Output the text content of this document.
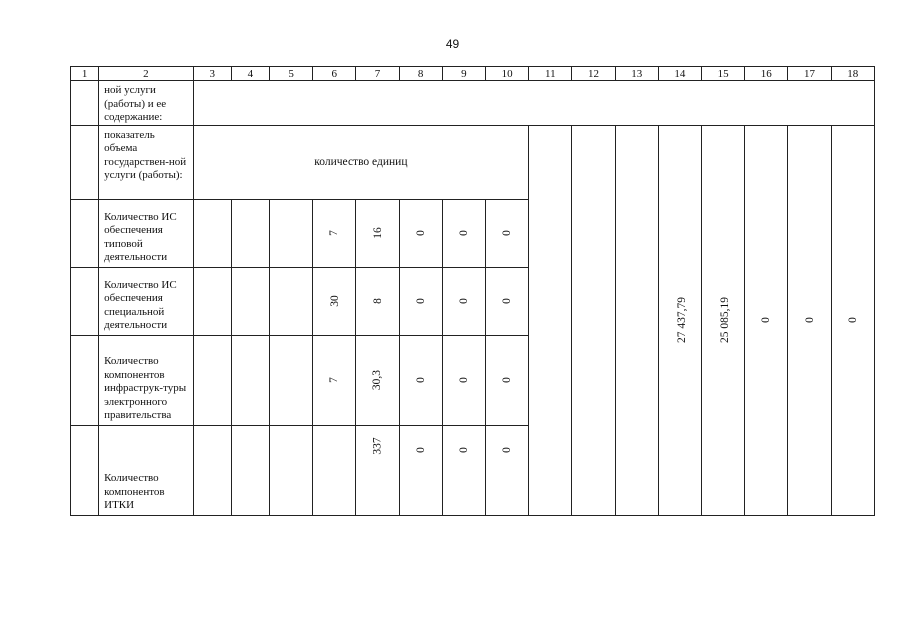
49
1	2	3	4	5	6	7	8	9	10	11	12	13	14	15	16	17	18
	ной услуги (работы) и ее содержание:																
	показатель объема государствен-ной услуги (работы):	количество единиц											27 437,79	25 085,19	0	0	0
	Количество ИС обеспечения типовой деятельности				7	16	0	0	0								
	Количество ИС обеспечения специальной деятельности				30	8	0	0	0								
	Количество компонентов инфраструк-туры электронного правительства				7	30,3	0	0	0								
	Количество компонентов ИТКИ					337	0	0	0								
